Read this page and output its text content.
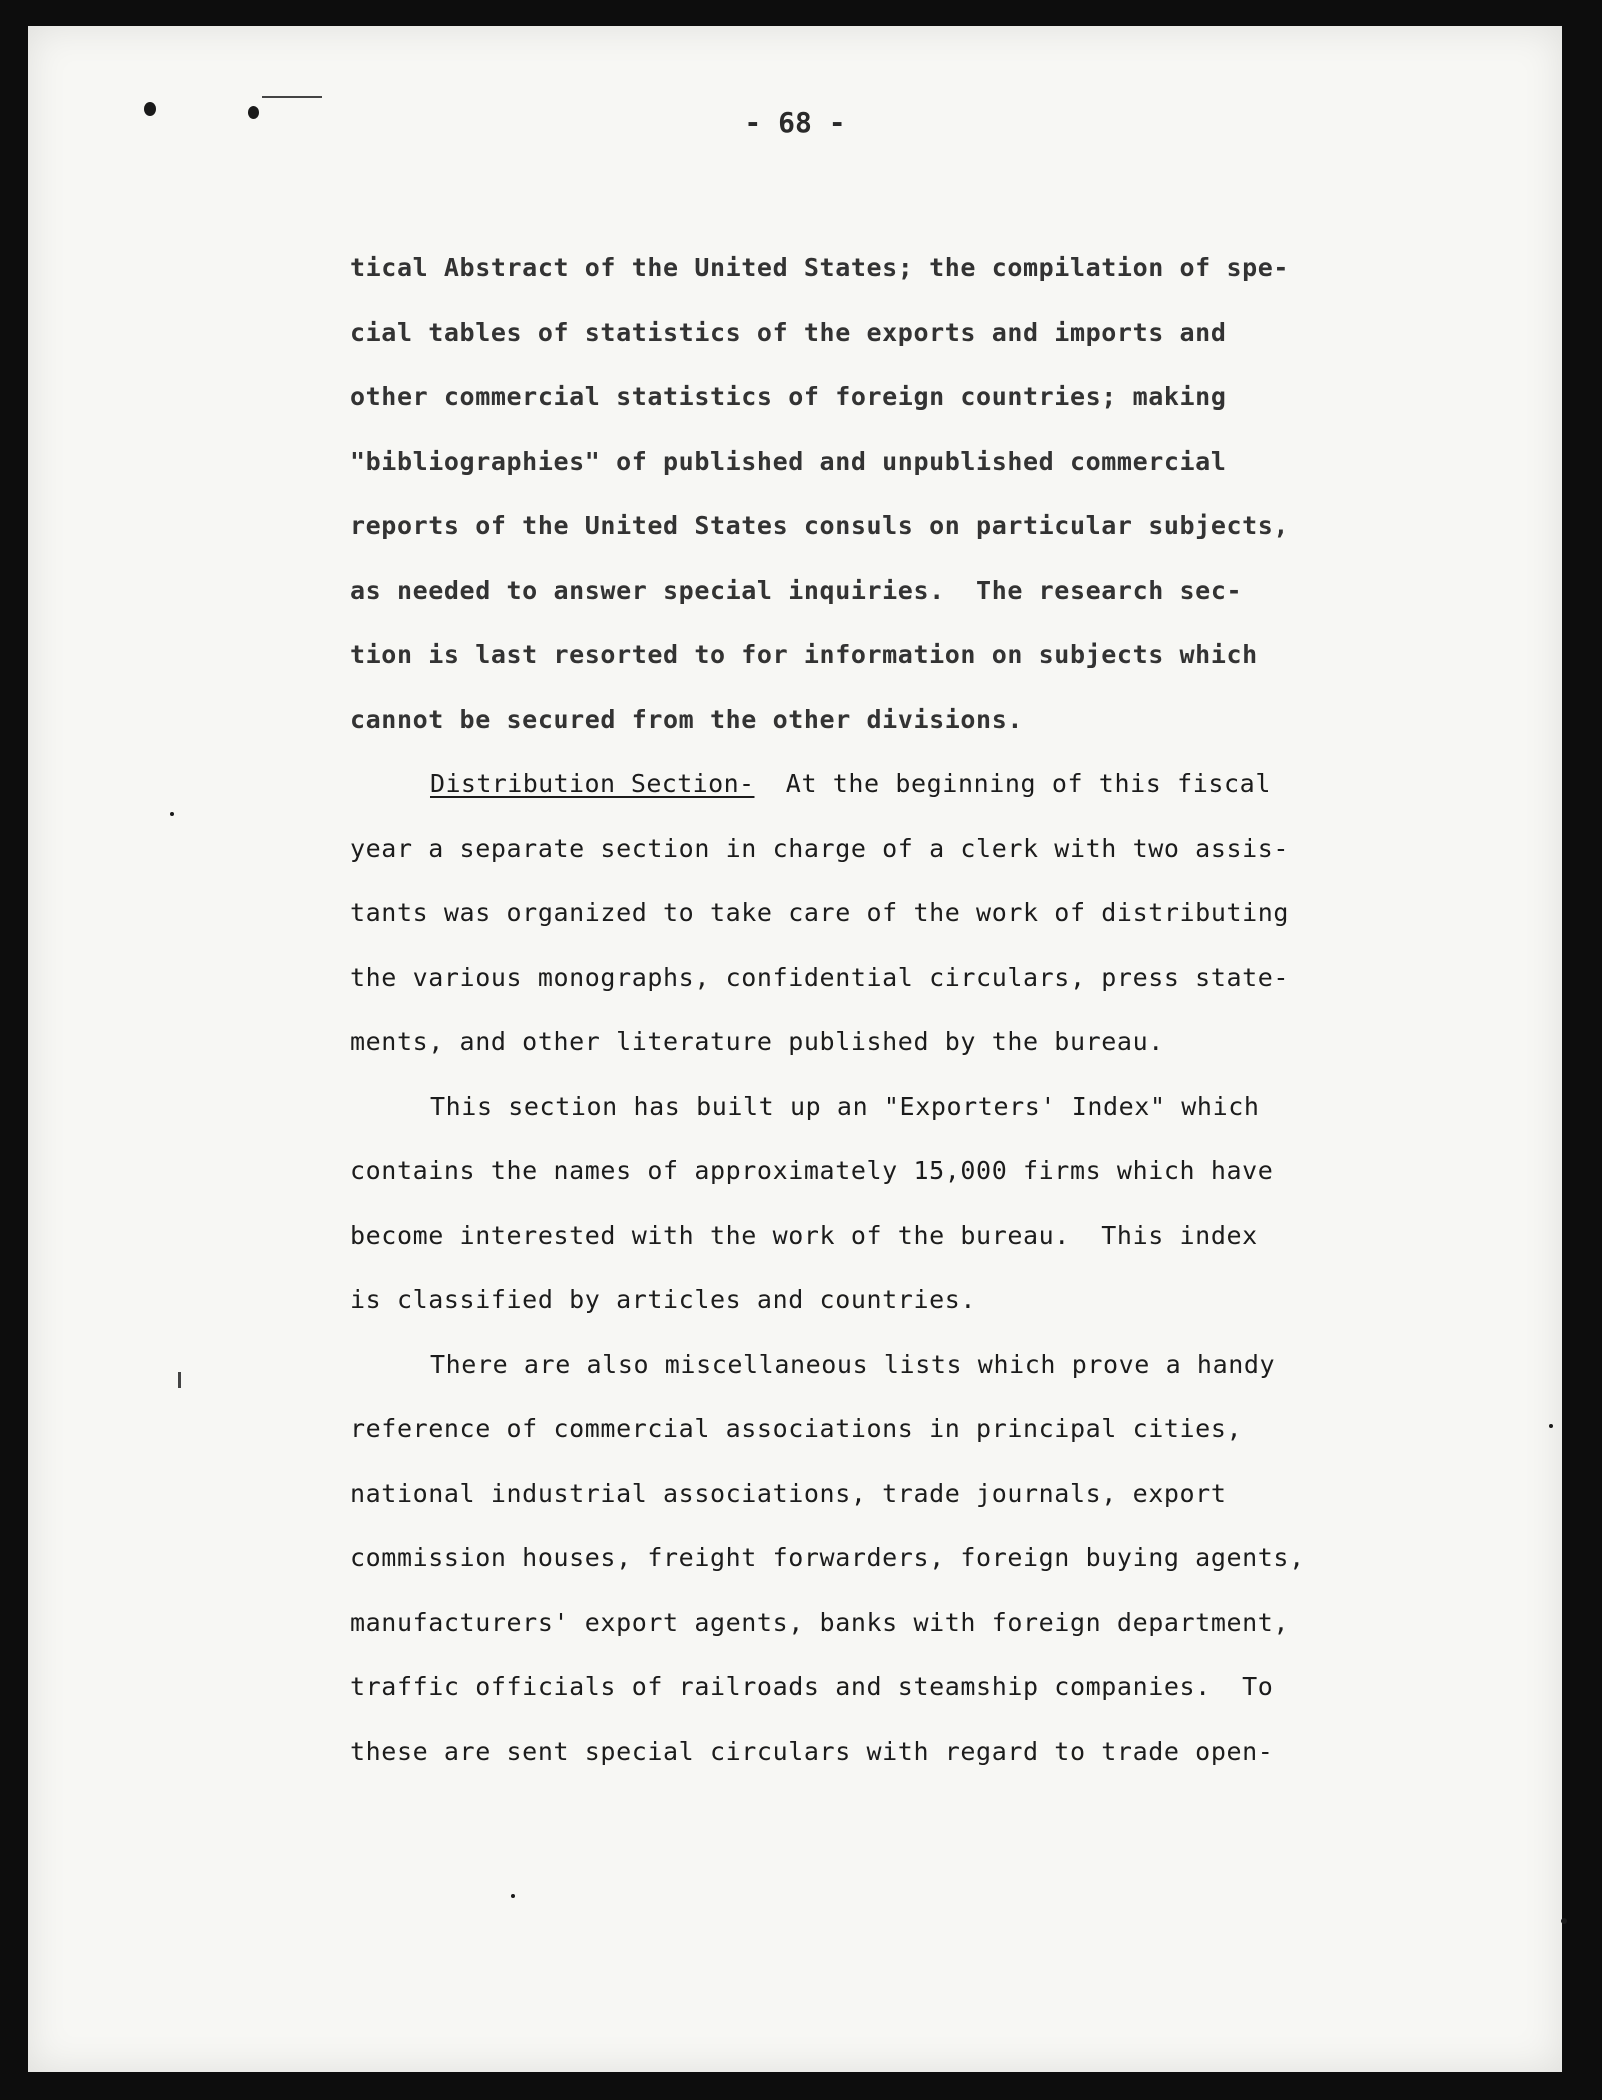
- 68 -
tical Abstract of the United States; the compilation of spe-
cial tables of statistics of the exports and imports and
other commercial statistics of foreign countries; making
"bibliographies" of published and unpublished commercial
reports of the United States consuls on particular subjects,
as needed to answer special inquiries.  The research sec-
tion is last resorted to for information on subjects which
cannot be secured from the other divisions.
Distribution Section-  At the beginning of this fiscal
year a separate section in charge of a clerk with two assis-
tants was organized to take care of the work of distributing
the various monographs, confidential circulars, press state-
ments, and other literature published by the bureau.
This section has built up an "Exporters' Index" which
contains the names of approximately 15,000 firms which have
become interested with the work of the bureau.  This index
is classified by articles and countries.
There are also miscellaneous lists which prove a handy
reference of commercial associations in principal cities,
national industrial associations, trade journals, export
commission houses, freight forwarders, foreign buying agents,
manufacturers' export agents, banks with foreign department,
traffic officials of railroads and steamship companies.  To
these are sent special circulars with regard to trade open-
